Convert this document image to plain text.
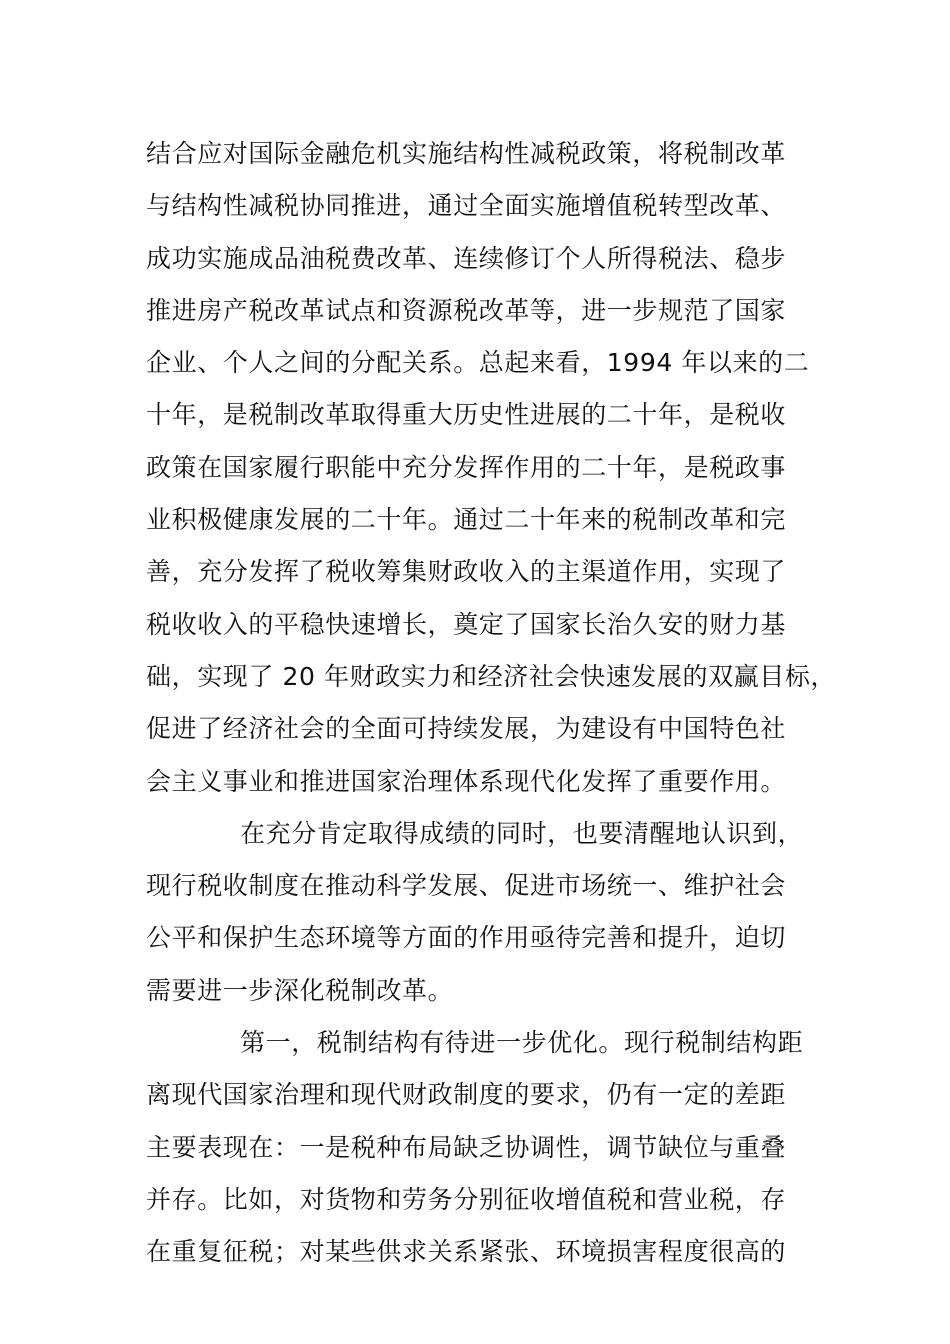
结合应对国际金融危机实施结构性减税政策，将税制改革
与结构性减税协同推进，通过全面实施增值税转型改革、
成功实施成品油税费改革、连续修订个人所得税法、稳步
推进房产税改革试点和资源税改革等，进一步规范了国家
企业、个人之间的分配关系。总起来看，1994 年以来的二
十年，是税制改革取得重大历史性进展的二十年，是税收
政策在国家履行职能中充分发挥作用的二十年，是税政事
业积极健康发展的二十年。通过二十年来的税制改革和完
善，充分发挥了税收筹集财政收入的主渠道作用，实现了
税收收入的平稳快速增长，奠定了国家长治久安的财力基
础，实现了 20 年财政实力和经济社会快速发展的双赢目标，
促进了经济社会的全面可持续发展，为建设有中国特色社
会主义事业和推进国家治理体系现代化发挥了重要作用。
在充分肯定取得成绩的同时，也要清醒地认识到，
现行税收制度在推动科学发展、促进市场统一、维护社会
公平和保护生态环境等方面的作用亟待完善和提升，迫切
需要进一步深化税制改革。
第一，税制结构有待进一步优化。现行税制结构距
离现代国家治理和现代财政制度的要求，仍有一定的差距
主要表现在：一是税种布局缺乏协调性，调节缺位与重叠
并存。比如，对货物和劳务分别征收增值税和营业税，存
在重复征税；对某些供求关系紧张、环境损害程度很高的
